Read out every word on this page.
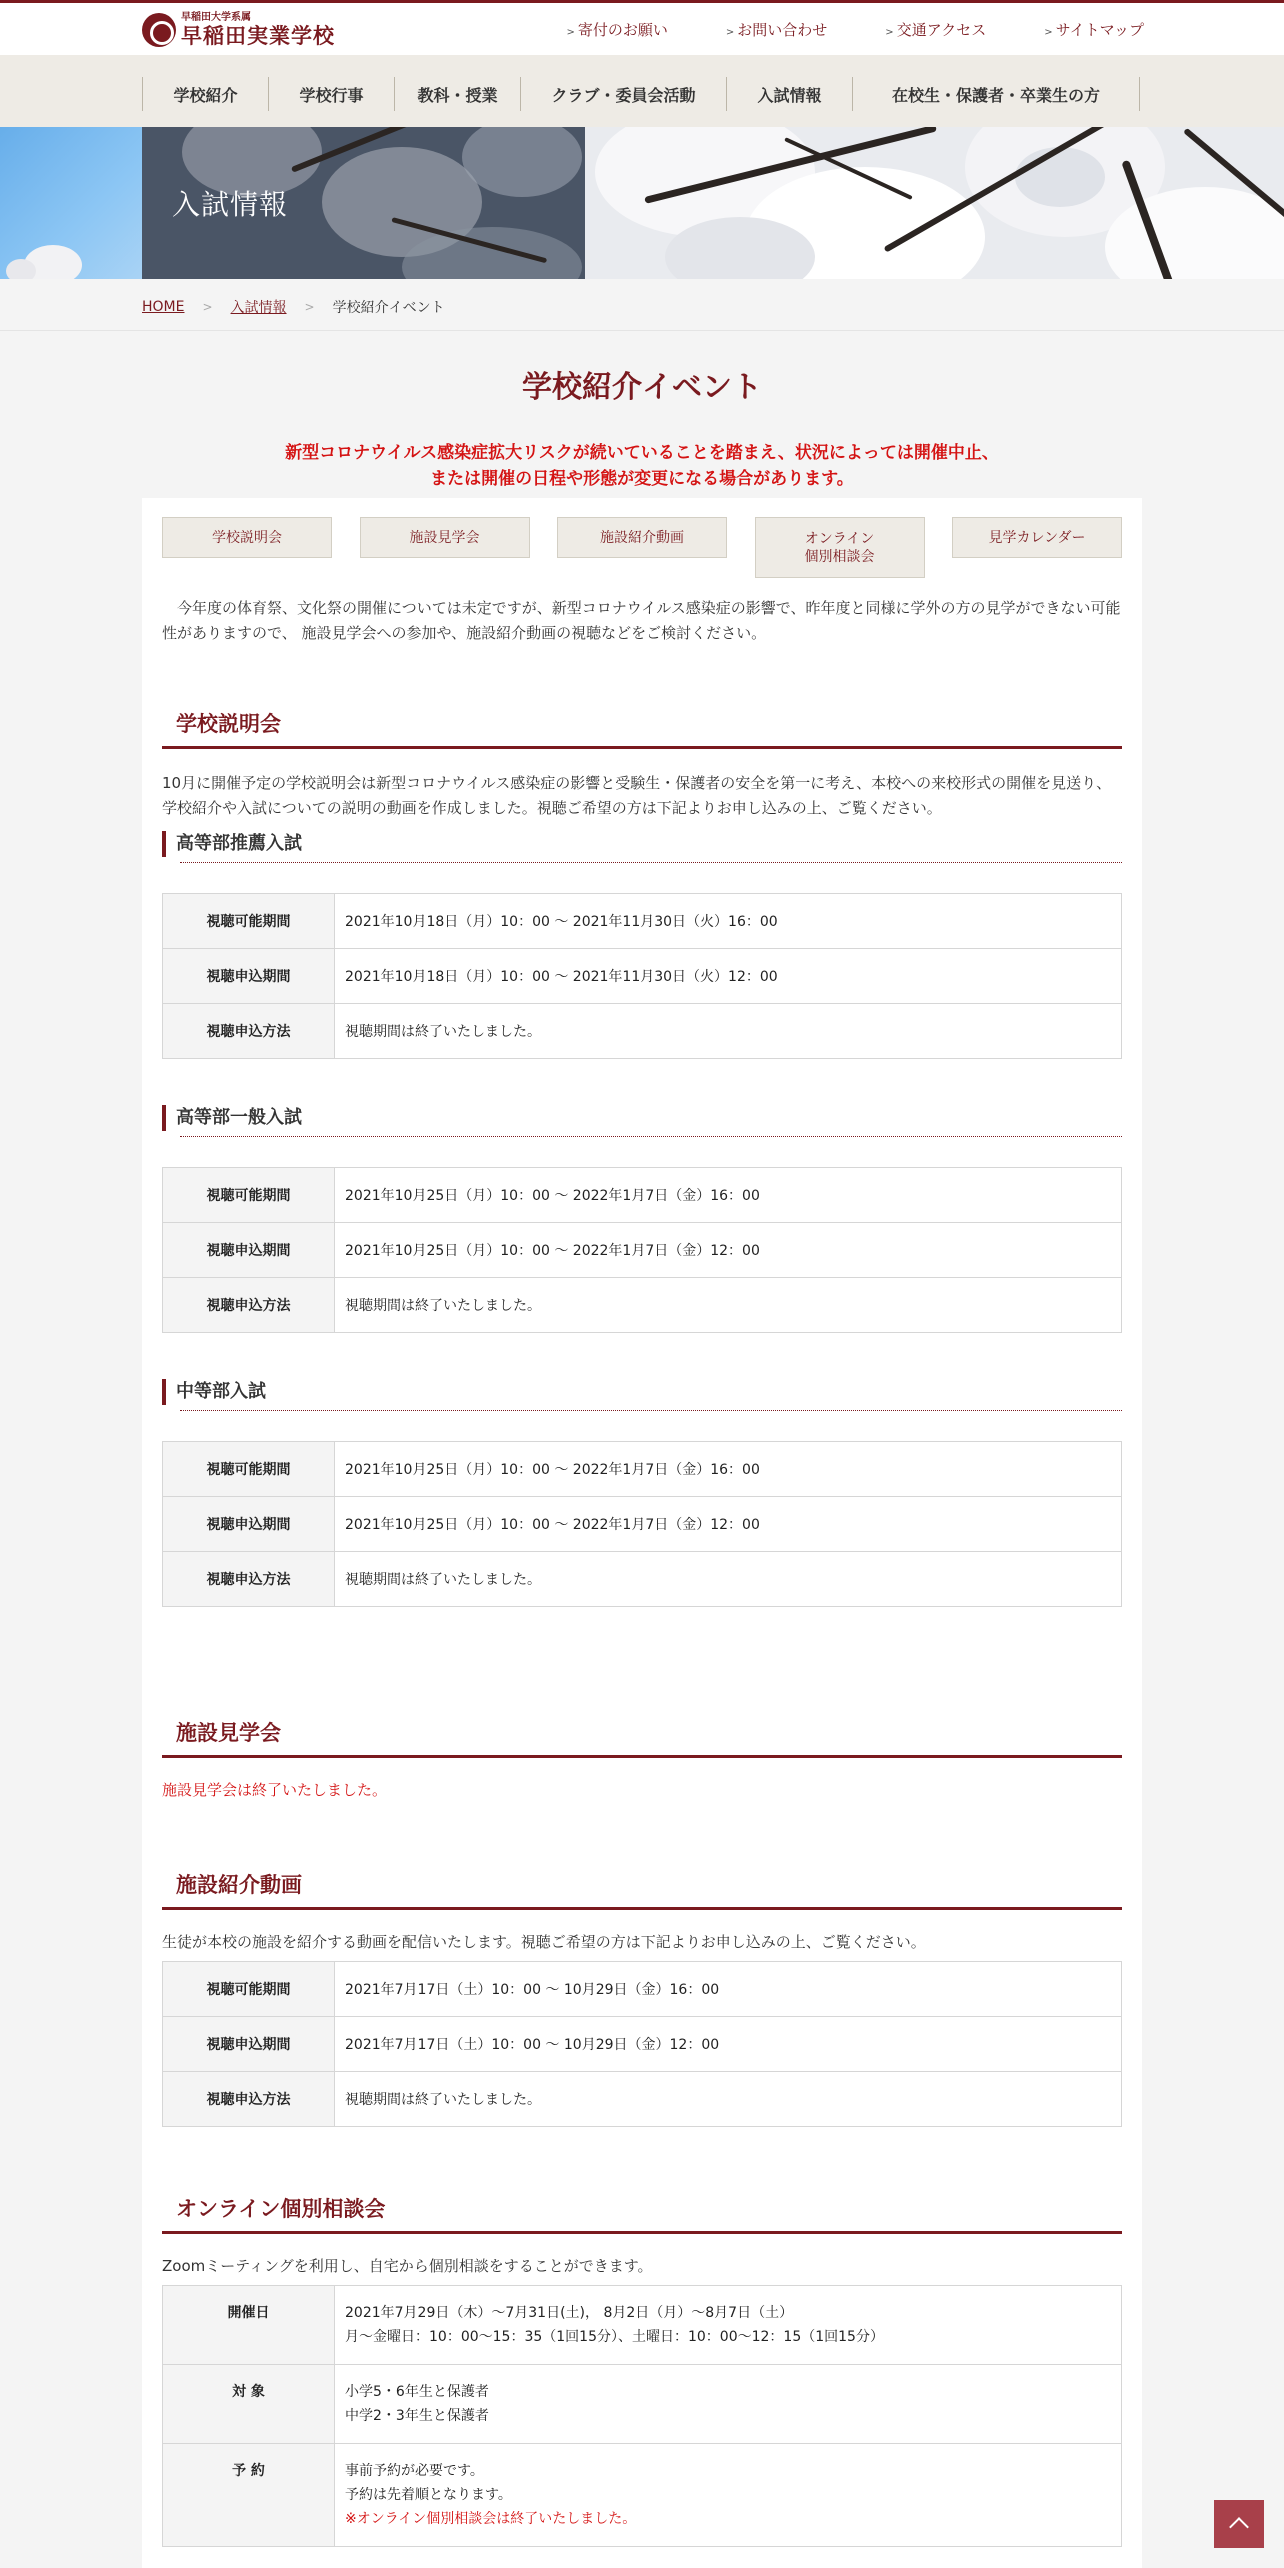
早稲田大学系属
早稲田実業学校	> 寄付のお願い	> お問い合わせ	> 交通アクセス	> サイトマップ
学校紹介	学校行事	教科・授業	クラブ・委員会活動	入試情報	在校生・保護者・卒業生の方
入試情報
HOME > 入試情報 > 学校紹介イベント
学校紹介イベント
新型コロナウイルス感染症拡大リスクが続いていることを踏まえ、状況によっては開催中止、
または開催の日程や形態が変更になる場合があります。
学校説明会	施設見学会	施設紹介動画	オンライン
個別相談会
見学カレンダー

今年度の体育祭、文化祭の開催については未定ですが、新型コロナウイルス感染症の影響で、昨年度と同様に学外の方の見学ができない可能性がありますので、 施設見学会への参加や、施設紹介動画の視聴などをご検討ください。

学校説明会

10月に開催予定の学校説明会は新型コロナウイルス感染症の影響と受験生・保護者の安全を第一に考え、本校への来校形式の開催を見送り、学校紹介や入試についての説明の動画を作成しました。視聴ご希望の方は下記よりお申し込みの上、ご覧ください。

高等部推薦入試
視聴可能期間	2021年10月18日（月）10：00 ～ 2021年11月30日（火）16：00
視聴申込期間	2021年10月18日（月）10：00 ～ 2021年11月30日（火）12：00
視聴申込方法	視聴期間は終了いたしました。
高等部一般入試
視聴可能期間	2021年10月25日（月）10：00 ～ 2022年1月7日（金）16：00
視聴申込期間	2021年10月25日（月）10：00 ～ 2022年1月7日（金）12：00
視聴申込方法	視聴期間は終了いたしました。
中等部入試
視聴可能期間	2021年10月25日（月）10：00 ～ 2022年1月7日（金）16：00
視聴申込期間	2021年10月25日（月）10：00 ～ 2022年1月7日（金）12：00
視聴申込方法	視聴期間は終了いたしました。
施設見学会

施設見学会は終了いたしました。

施設紹介動画

生徒が本校の施設を紹介する動画を配信いたします。視聴ご希望の方は下記よりお申し込みの上、ご覧ください。

視聴可能期間	2021年7月17日（土）10：00 ～ 10月29日（金）16：00
視聴申込期間	2021年7月17日（土）10：00 ～ 10月29日（金）12：00
視聴申込方法	視聴期間は終了いたしました。
オンライン個別相談会

Zoomミーティングを利用し、自宅から個別相談をすることができます。

開催日	2021年7月29日（木）～7月31日(土)， 8月2日（月）～8月7日（土）
月～金曜日：10：00～15：35（1回15分）、土曜日：10：00～12：15（1回15分）

対 象	小学5・6年生と保護者
中学2・3年生と保護者

予 約	事前予約が必要です。
予約は先着順となります。
※オンライン個別相談会は終了いたしました。
